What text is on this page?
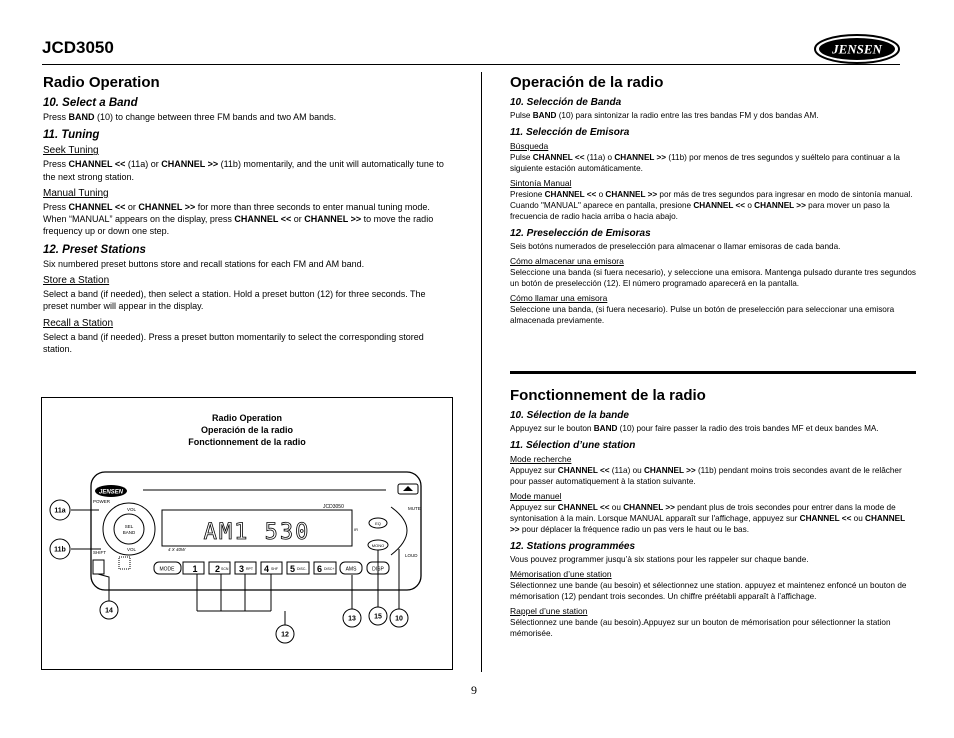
JCD3050	JENSEN
Radio Operation
10. Select a Band
Press BAND (10) to change between three FM bands and two AM bands.
11. Tuning
Seek Tuning
Press CHANNEL << (11a) or CHANNEL >> (11b) momentarily, and the unit will automatically tune to the next strong station.
Manual Tuning
Press CHANNEL << or CHANNEL >> for more than three seconds to enter manual tuning mode. When “MANUAL” appears on the display, press CHANNEL << or CHANNEL >> to move the radio frequency up or down one step.
12. Preset Stations
Six numbered preset buttons store and recall stations for each FM and AM band.
Store a Station
Select a band (if needed), then select a station. Hold a preset button (12) for three seconds. The preset number will appear in the display.
Recall a Station
Select a band (if needed). Press a preset button momentarily to select the corresponding stored station.
Operación de la radio
10. Selección de Banda
Pulse BAND (10) para sintonizar la radio entre las tres bandas FM y dos bandas AM.
11. Selección de Emisora
Búsqueda
Pulse CHANNEL << (11a) o CHANNEL >> (11b) por menos de tres segundos y suéltelo para continuar a la siguiente estación automáticamente.
Sintonía Manual
Presione CHANNEL << o CHANNEL >> por más de tres segundos para ingresar en modo de sintonía manual. Cuando "MANUAL" aparece en pantalla, presione CHANNEL << o CHANNEL >> para mover un paso la frecuencia de radio hacia arriba o hacia abajo.
12. Preselección de Emisoras
Seis botóns numerados de preselección para almacenar o llamar emisoras de cada banda.
Cómo almacenar una emisora
Seleccione una banda (si fuera necesario), y seleccione una emisora. Mantenga pulsado durante tres segundos un botón de preselección (12). El número programado aparecerá en la pantalla.
Cómo llamar una emisora
Seleccione una banda, (si fuera necesario). Pulse un botón de preselección para seleccionar una emisora almacenada previamente.
Fonctionnement de la radio
10. Sélection de la bande
Appuyez sur le bouton BAND (10) pour faire passer la radio des trois bandes MF et deux bandes MA.
11. Sélection d’une station
Mode recherche
Appuyez sur CHANNEL << (11a) ou CHANNEL >> (11b) pendant moins trois secondes avant de le relâcher pour passer automatiquement à la station suivante.
Mode manuel
Appuyez sur CHANNEL << ou CHANNEL >> pendant plus de trois secondes pour entrer dans la mode de syntonisation à la main. Lorsque MANUAL apparaît sur l'affichage, appuyez sur CHANNEL << ou CHANNEL >> pour déplacer la fréquence radio un pas vers le haut ou le bas.
12. Stations programmées
Vous pouvez programmer jusqu’à six stations pour les rappeler sur chaque bande.
Mémorisation d’une station
Sélectionnez une bande (au besoin) et sélectionnez une station. appuyez et maintenez enfoncé un bouton de mémorisation (12) pendant trois secondes. Un chiffre préétabli apparaît à l’affichage.
Rappel d’une station
Sélectionnez une bande (au besoin).Appuyez sur un bouton de mémorisation pour sélectionner la station mémorisée.
Radio Operation
Operación de la radio
Fonctionnement de la radio
JENSEN
POWER
MUTE
SEL
BAND
VOL
VOL
SHIFT
JCD3050
AM1 530
4 X 40W
IR
EQ
MONO
LOUD
MODE 1 2 SCN 3 RPT 4 SHF 5 DISC- 6 DISC+ AMS	DISP
11a
11b
14
12
13	15 10
9
